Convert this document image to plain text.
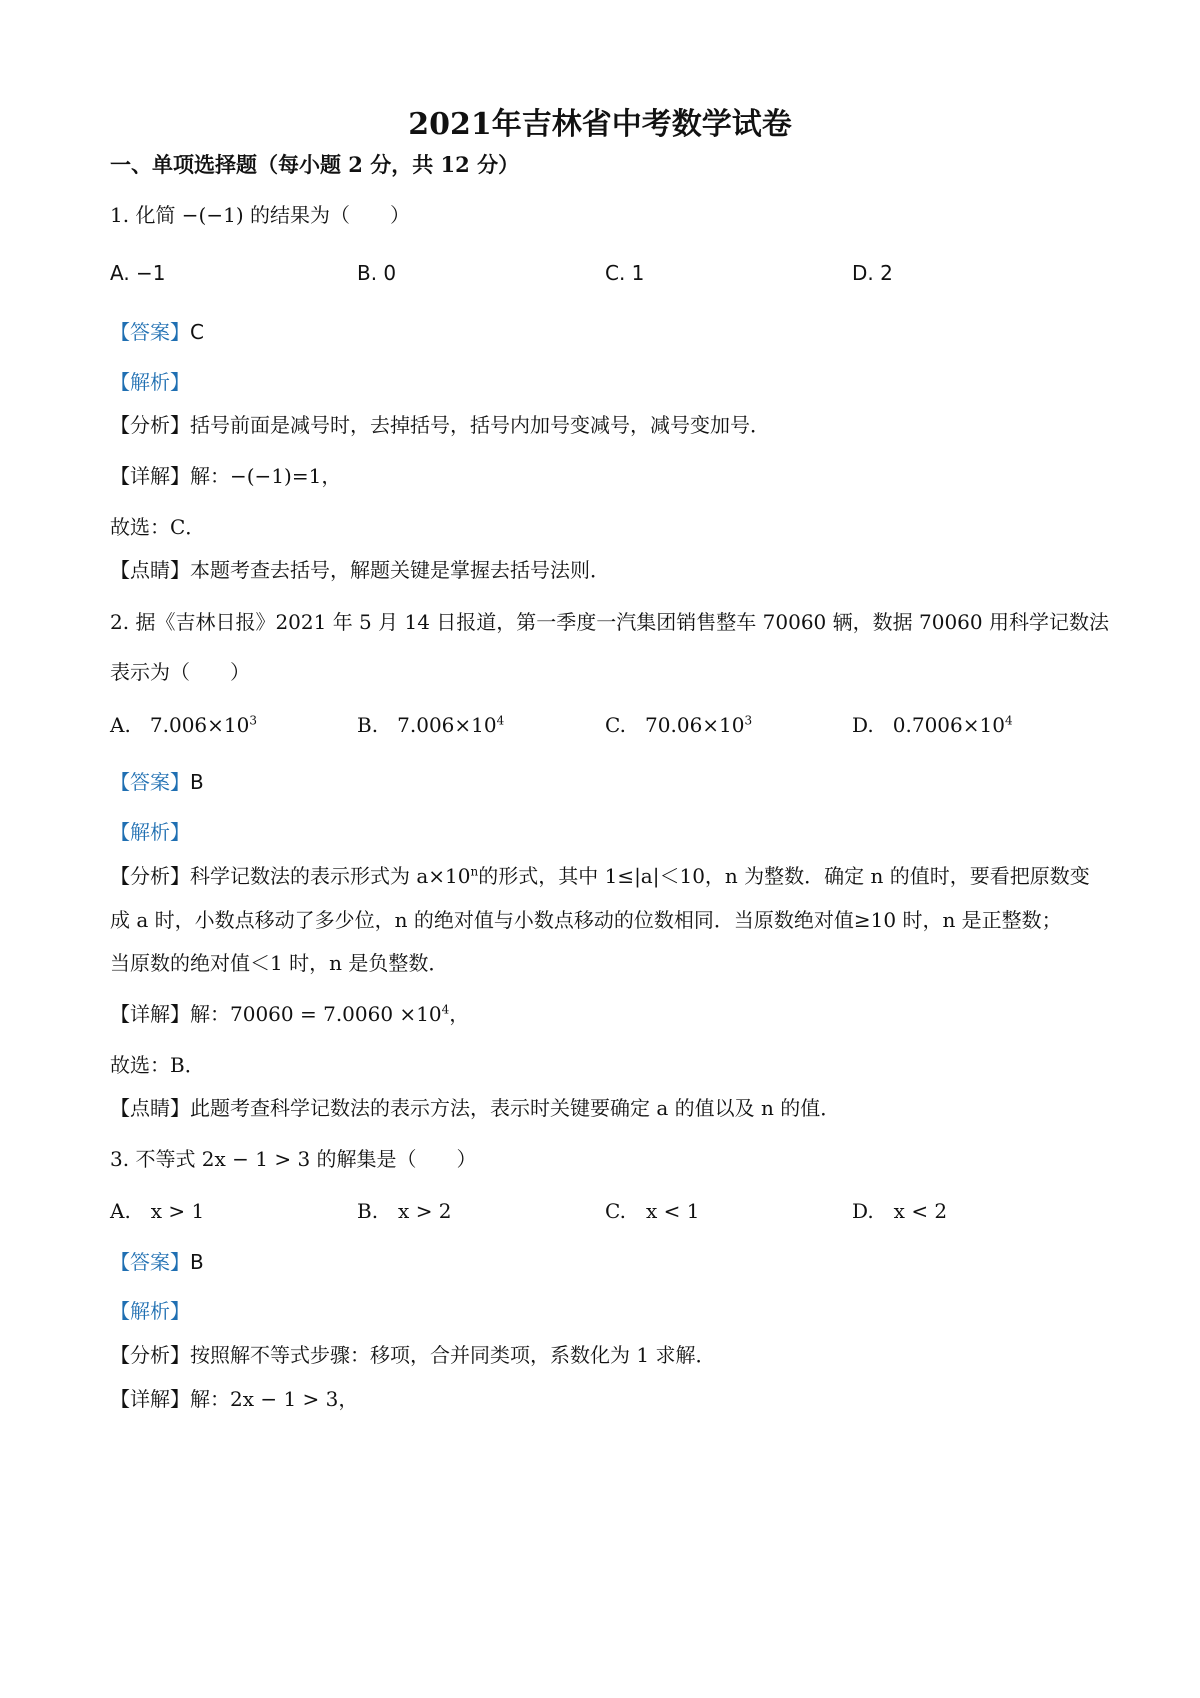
2021年吉林省中考数学试卷
一、单项选择题（每小题 2 分，共 12 分）
1. 化简 −(−1) 的结果为（　　）
A. −1	B. 0	C. 1	D. 2
【答案】C
【解析】
【分析】括号前面是减号时，去掉括号，括号内加号变减号，减号变加号．
【详解】解：−(−1)=1，
故选：C．
【点睛】本题考查去括号，解题关键是掌握去括号法则．
2. 据《吉林日报》2021 年 5 月 14 日报道，第一季度一汽集团销售整车 70060 辆，数据 70060 用科学记数法
表示为（　　）
A. $7.006\times 10^3$	B. $7.006\times 10^4$	C. $70.06\times 10^3$	D. $0.7006\times 10^4$
【答案】B
【解析】
【分析】科学记数法的表示形式为 $a\times 10^n$的形式，其中 1≤|a|＜10，n 为整数．确定 n 的值时，要看把原数变
成 a 时，小数点移动了多少位，n 的绝对值与小数点移动的位数相同．当原数绝对值≥10 时，n 是正整数；
当原数的绝对值＜1 时，n 是负整数．
【详解】解：$70060 = 7.0060 \times 10^4$，
故选：B．
【点睛】此题考查科学记数法的表示方法，表示时关键要确定 a 的值以及 n 的值．
3. 不等式 2x − 1 > 3 的解集是（　　）
A.　x > 1	B.　x > 2	C.　x < 1	D.　x < 2
【答案】B
【解析】
【分析】按照解不等式步骤：移项，合并同类项，系数化为 1 求解．
【详解】解：2x − 1 > 3，
